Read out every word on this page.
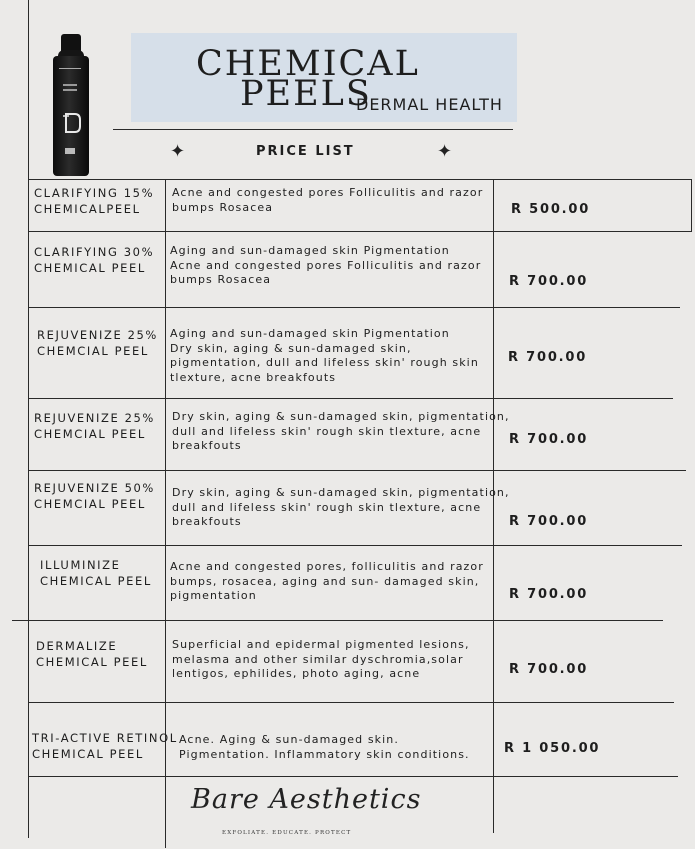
CHEMICAL
PEELS
DERMAL HEALTH
✦	PRICE LIST	✦
CLARIFYING 15%
CHEMICALPEEL
Acne and congested pores Folliculitis and razor
bumps Rosacea	R 500.00
CLARIFYING 30%
CHEMICAL PEEL
Aging and sun-damaged skin Pigmentation
Acne and congested pores Folliculitis and razor
bumps Rosacea	R 700.00
REJUVENIZE 25%
CHEMCIAL PEEL
Aging and sun-damaged skin Pigmentation
Dry skin, aging & sun-damaged skin,
pigmentation, dull and lifeless skin' rough skin
tlexture, acne breakfouts
R 700.00
REJUVENIZE 25%
CHEMCIAL PEEL
Dry skin, aging & sun-damaged skin, pigmentation,
dull and lifeless skin' rough skin tlexture, acne
breakfouts	R 700.00
REJUVENIZE 50%
CHEMCIAL PEEL
Dry skin, aging & sun-damaged skin, pigmentation,
dull and lifeless skin' rough skin tlexture, acne
breakfouts	R 700.00
ILLUMINIZE
CHEMICAL PEEL
Acne and congested pores, folliculitis and razor
bumps, rosacea, aging and sun- damaged skin,
pigmentation	R 700.00
DERMALIZE
CHEMICAL PEEL
Superficial and epidermal pigmented lesions,
melasma and other similar dyschromia,solar
lentigos, ephilides, photo aging, acne	R 700.00
TRI-ACTIVE RETINOL
CHEMICAL PEEL
Acne. Aging & sun-damaged skin.
Pigmentation. Inflammatory skin conditions.	R 1 050.00
Bare Aesthetics
EXFOLIATE. EDUCATE. PROTECT
